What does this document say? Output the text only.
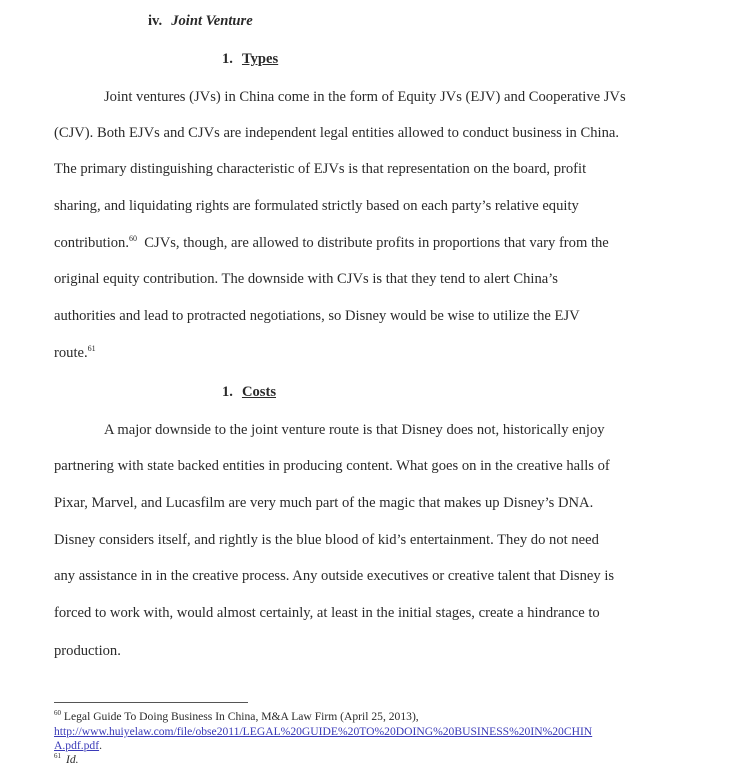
iv. Joint Venture
1. Types
Joint ventures (JVs) in China come in the form of Equity JVs (EJV) and Cooperative JVs
(CJV). Both EJVs and CJVs are independent legal entities allowed to conduct business in China.
The primary distinguishing characteristic of EJVs is that representation on the board, profit
sharing, and liquidating rights are formulated strictly based on each party’s relative equity
contribution.$^{60}$  CJVs, though, are allowed to distribute profits in proportions that vary from the
original equity contribution. The downside with CJVs is that they tend to alert China’s
authorities and lead to protracted negotiations, so Disney would be wise to utilize the EJV
route.$^{61}$
1. Costs
A major downside to the joint venture route is that Disney does not, historically enjoy
partnering with state backed entities in producing content. What goes on in the creative halls of
Pixar, Marvel, and Lucasfilm are very much part of the magic that makes up Disney’s DNA.
Disney considers itself, and rightly is the blue blood of kid’s entertainment. They do not need
any assistance in in the creative process. Any outside executives or creative talent that Disney is
forced to work with, would almost certainly, at least in the initial stages, create a hindrance to
production.
$^{60}$ Legal Guide To Doing Business In China, M&A Law Firm (April 25, 2013),
http://www.huiyelaw.com/file/obse2011/LEGAL%20GUIDE%20TO%20DOING%20BUSINESS%20IN%20CHIN
A.pdf.pdf.
$^{61}$ Id.
